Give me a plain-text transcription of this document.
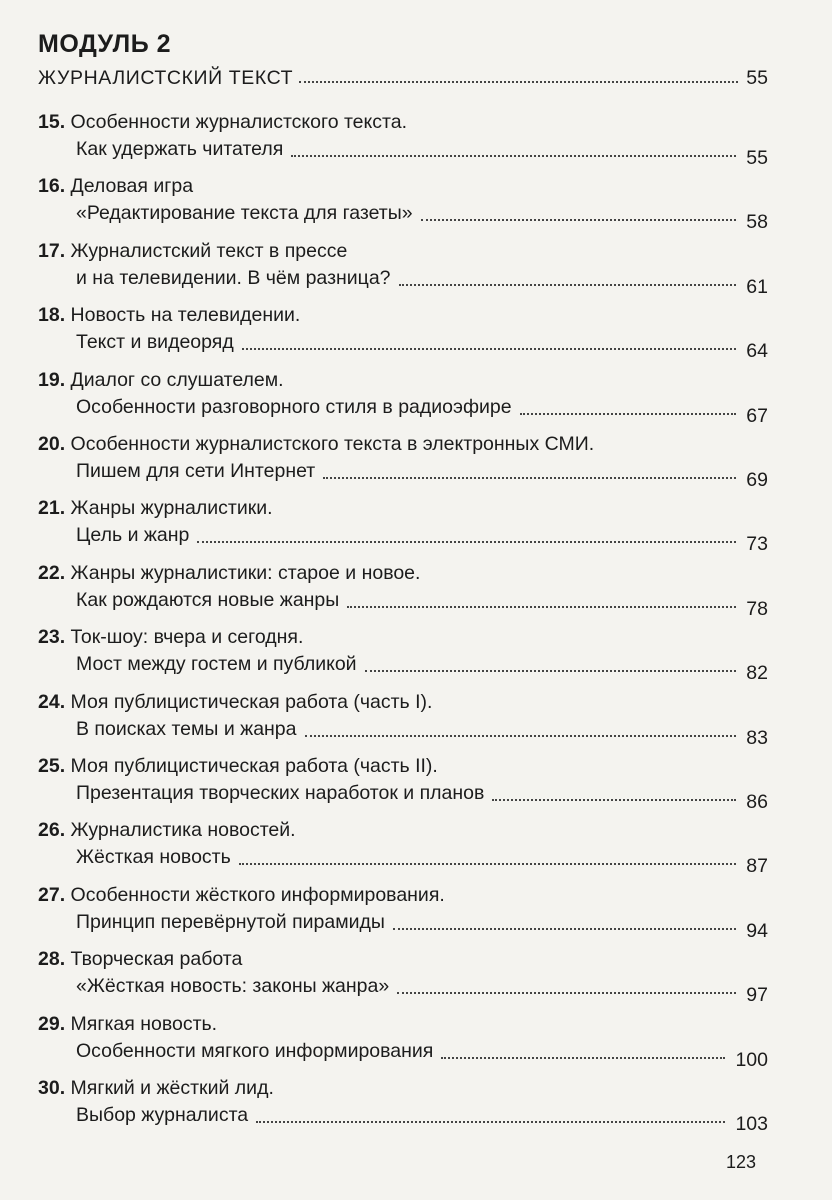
МОДУЛЬ 2
ЖУРНАЛИСТСКИЙ ТЕКСТ	55
15. Особенности журналистского текста.
Как удержать читателя	55
16. Деловая игра
«Редактирование текста для газеты»	58
17. Журналистский текст в прессе
и на телевидении. В чём разница?	61
18. Новость на телевидении.
Текст и видеоряд	64
19. Диалог со слушателем.
Особенности разговорного стиля в радиоэфире	67
20. Особенности журналистского текста в электронных СМИ.
Пишем для сети Интернет	69
21. Жанры журналистики.
Цель и жанр	73
22. Жанры журналистики: старое и новое.
Как рождаются новые жанры	78
23. Ток-шоу: вчера и сегодня.
Мост между гостем и публикой	82
24. Моя публицистическая работа (часть I).
В поисках темы и жанра	83
25. Моя публицистическая работа (часть II).
Презентация творческих наработок и планов	86
26. Журналистика новостей.
Жёсткая новость	87
27. Особенности жёсткого информирования.
Принцип перевёрнутой пирамиды	94
28. Творческая работа
«Жёсткая новость: законы жанра»	97
29. Мягкая новость.
Особенности мягкого информирования	100
30. Мягкий и жёсткий лид.
Выбор журналиста	103
123
